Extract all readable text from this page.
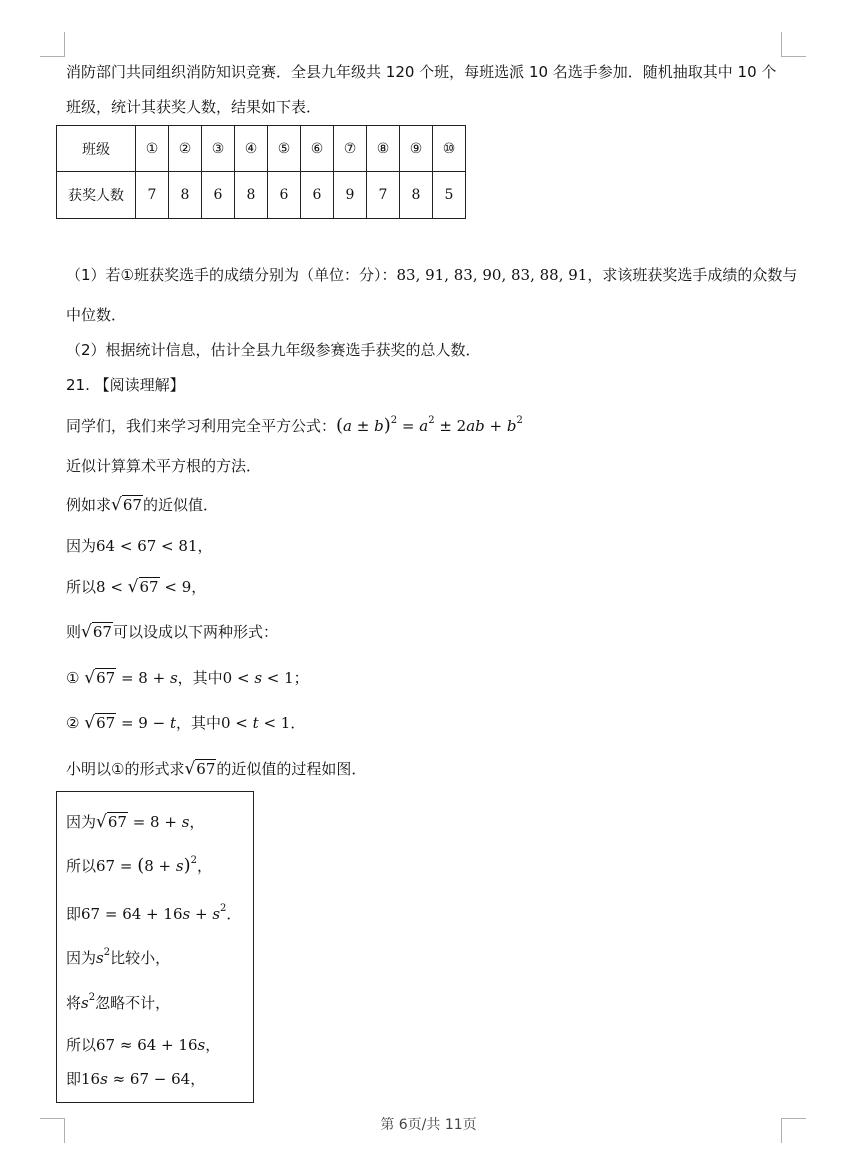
消防部门共同组织消防知识竞赛．全县九年级共 120 个班，每班选派 10 名选手参加．随机抽取其中 10 个
班级，统计其获奖人数，结果如下表．
班级	①	②	③	④	⑤	⑥	⑦	⑧	⑨	⑩
获奖人数	7	8	6	8	6	6	9	7	8	5
（1）若①班获奖选手的成绩分别为（单位：分）：83, 91, 83, 90, 83, 88, 91，求该班获奖选手成绩的众数与
中位数．
（2）根据统计信息，估计全县九年级参赛选手获奖的总人数．
21. 【阅读理解】
同学们，我们来学习利用完全平方公式：$(a \pm b)^2 = a^2 \pm 2ab + b^2$
近似计算算术平方根的方法．
例如求√67的近似值．
因为64 < 67 < 81，
所以8 < √67 < 9，
则√67可以设成以下两种形式：
① √67 = 8 + s，其中0 < s < 1；
② √67 = 9 − t，其中0 < t < 1．
小明以①的形式求√67的近似值的过程如图．
因为√67 = 8 + s，
所以$67 = (8 + s)^2$，
即$67 = 64 + 16s + s^2$．
因为$s^2$比较小，
将$s^2$忽略不计，
所以67 ≈ 64 + 16s，
即16s ≈ 67 − 64，
第 6页/共 11页
